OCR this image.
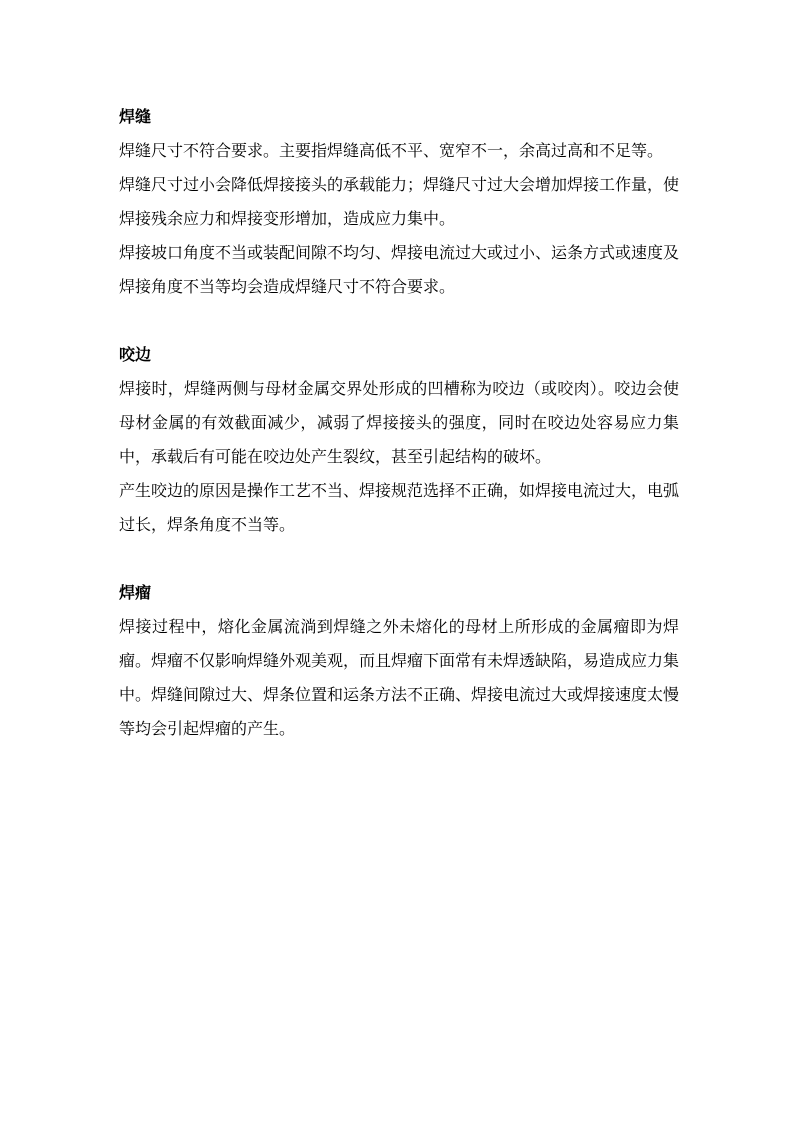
焊缝

焊缝尺寸不符合要求。主要指焊缝高低不平、宽窄不一，余高过高和不足等。

焊缝尺寸过小会降低焊接接头的承载能力；焊缝尺寸过大会增加焊接工作量，使焊接残余应力和焊接变形增加，造成应力集中。

焊接坡口角度不当或装配间隙不均匀、焊接电流过大或过小、运条方式或速度及焊接角度不当等均会造成焊缝尺寸不符合要求。

咬边

焊接时，焊缝两侧与母材金属交界处形成的凹槽称为咬边（或咬肉）。咬边会使母材金属的有效截面减少，减弱了焊接接头的强度，同时在咬边处容易应力集中，承载后有可能在咬边处产生裂纹，甚至引起结构的破坏。

产生咬边的原因是操作工艺不当、焊接规范选择不正确，如焊接电流过大，电弧过长，焊条角度不当等。

焊瘤

焊接过程中，熔化金属流淌到焊缝之外未熔化的母材上所形成的金属瘤即为焊瘤。焊瘤不仅影响焊缝外观美观，而且焊瘤下面常有未焊透缺陷，易造成应力集中。焊缝间隙过大、焊条位置和运条方法不正确、焊接电流过大或焊接速度太慢等均会引起焊瘤的产生。
